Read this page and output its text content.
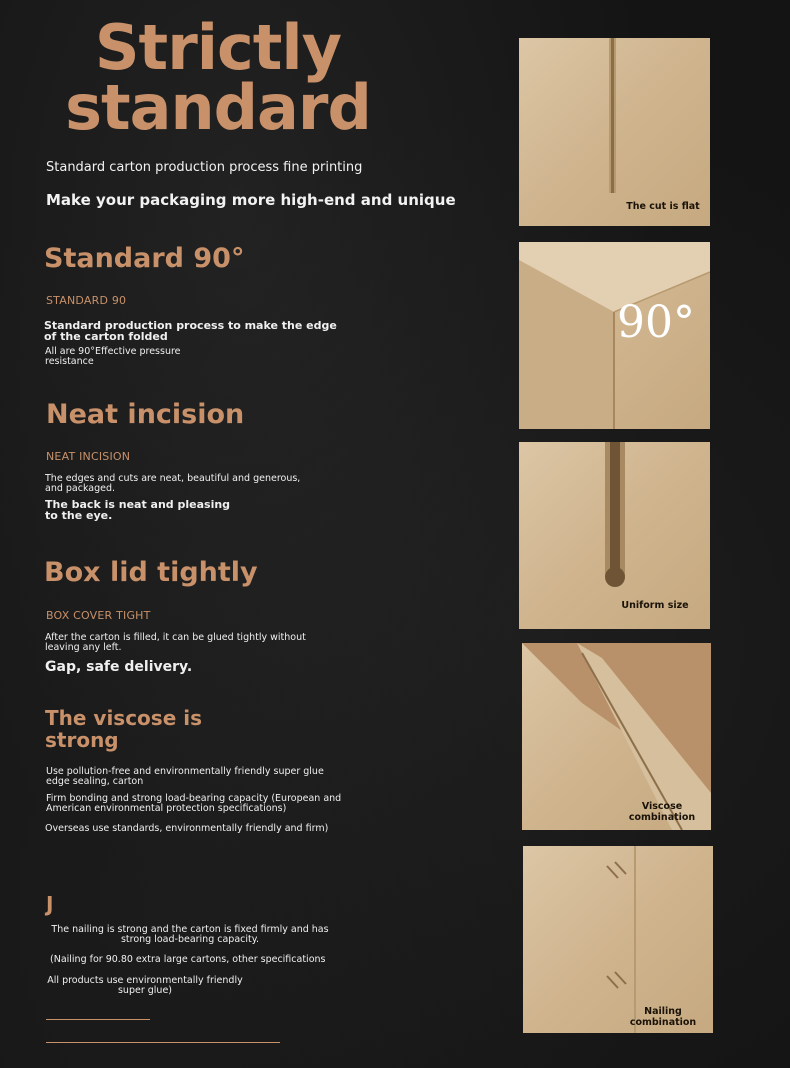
Strictly
standard
Standard carton production process fine printing
Make your packaging more high-end and unique
Standard 90°
STANDARD 90
Standard production process to make the edge of the carton folded
All are 90°Effective pressure resistance
Neat incision
NEAT INCISION
The edges and cuts are neat, beautiful and generous, and packaged.
The back is neat and pleasing to the eye.
Box lid tightly
BOX COVER TIGHT
After the carton is filled, it can be glued tightly without leaving any left.
Gap, safe delivery.
The viscose is
strong
Use pollution-free and environmentally friendly super glue edge sealing, carton
Firm bonding and strong load-bearing capacity (European and American environmental protection specifications)
Overseas use standards, environmentally friendly and firm)
J
The nailing is strong and the carton is fixed firmly and has strong load-bearing capacity.
(Nailing for 90.80 extra large cartons, other specifications
All products use environmentally friendly super glue)
The cut is flat
90°
Uniform size
Viscose combination
Nailing combination
